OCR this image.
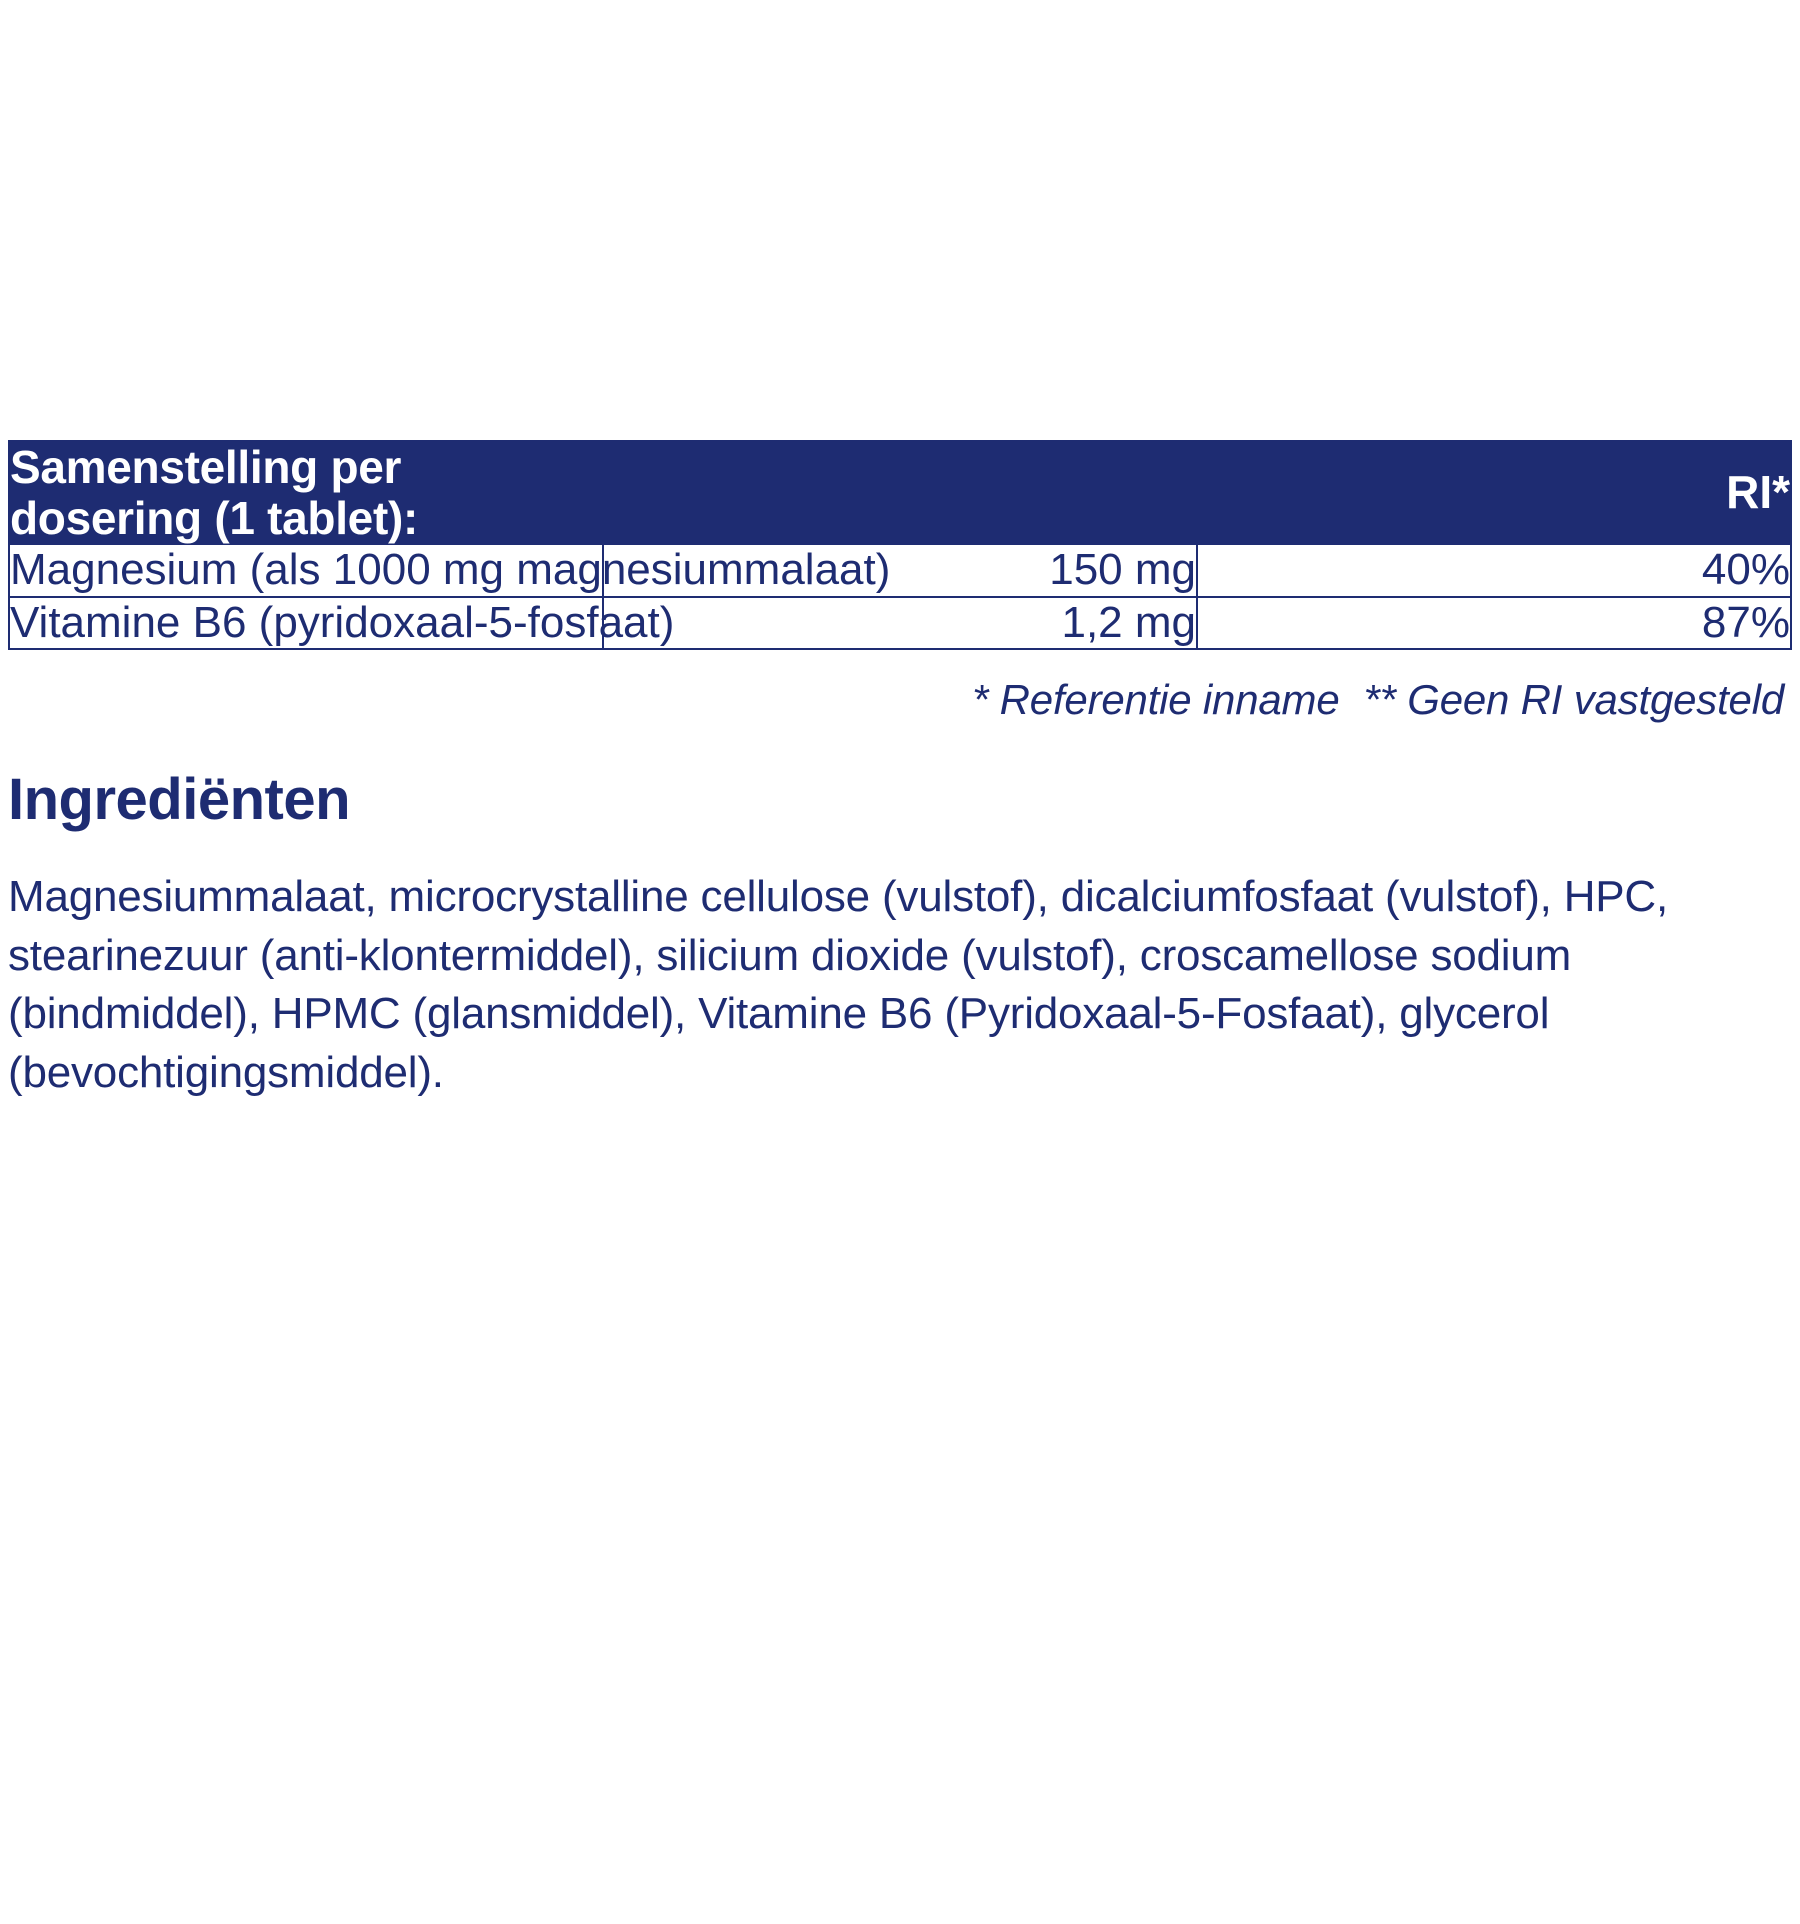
Samenstelling per dosering (1 tablet):		RI*
Magnesium (als 1000 mg magnesiummalaat)	150 mg	40%
Vitamine B6 (pyridoxaal-5-fosfaat)	1,2 mg	87%
* Referentie inname ** Geen RI vastgesteld
Ingrediënten

Magnesiummalaat, microcrystalline cellulose (vulstof), dicalciumfosfaat (vulstof), HPC, stearinezuur (anti-klontermiddel), silicium dioxide (vulstof), croscamellose sodium (bindmiddel), HPMC (glansmiddel), Vitamine B6 (Pyridoxaal-5-Fosfaat), glycerol (bevochtigingsmiddel).
